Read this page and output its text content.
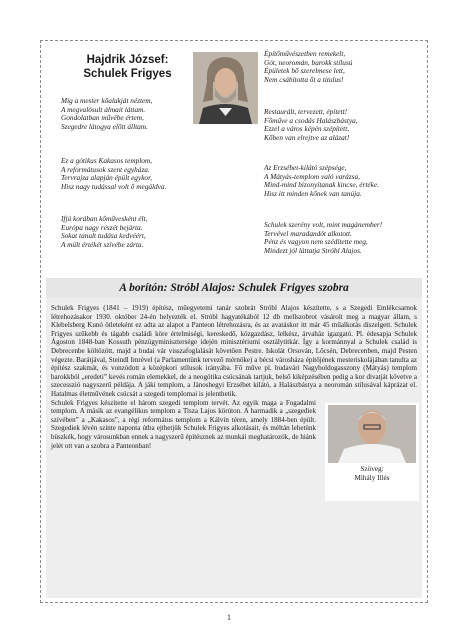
Hajdrik József:
Schulek Frigyes
Míg a mester kőalakját néztem,
A megvalósult álmait láttam.
Gondolatban művébe értem,
Szegedre látogya előtt álltam.
Ez a gótikus Kakasos templom,
A reformátusok szent egyháza.
Tervrajza alapján épült egykor,
Hisz nagy tudással volt ő megáldva.
Ifjú korában kőművesként élt,
Európa nagy részét bejárta.
Sokat tanult tudása kedvéért,
A múlt értékét szívébe zárta.
Építőművészetben remekelt,
Gót, neoromán, barokk stílusú
Épületek bő szerelmese lett,
Nem csábította őt a titulus!
Restaurált, tervezett, épített!
Főműve a csodás Halászbástya,
Ezzel a város képén szépített,
Kőben van elrejtve az alázat!
Az Erzsébet-kilátó szépsége,
A Mátyás-templom való varázsa,
Mind-mind bizonyítanak kincse, értéke.
Hisz itt minden kőnek van tanúja.
Schulek szerény volt, mint magánember!
Tervével maradandót alkotott.
Pénz és vagyon nem szédítette meg,
Mindezt jól láttatja Stróbl Alajos.
A borítón: Stróbl Alajos: Schulek Frigyes szobra

Schulek Frigyes (1841 – 1919) építész, műegyetemi tanár szobrát Stróbl Alajos készítette, s a Szegedi Emlékcsarnok létrehozásakor 1930. október 24-én helyezték el. Stróbl hagyatékából 12 db mellszobrot vásárolt meg a magyar állam, s Klebelsberg Kunó ötleteként ez adta az alapot a Panteon létrehozásra, és az avatáskor itt már 45 műalkotás díszelgett. Schulek Frigyes szűkebb és tágabb családi köre értelmiségi, kereskedő, közgazdász, lelkész, árvaház igazgató. Pl. édesapja Schulek Ágoston 1848-ban Kossuth pénzügyminisztersége idején minisztériumi osztálytitkár. Így a kormánnyal a Schulek család is Debrecenbe költözött, majd a budai vár visszafoglalását követően Pestre. Iskolát Orsován, Lőcsén, Debrecenben, majd Pesten végezte. Barátjával, Steindl Imrével (a Parlamentünk tervező mérnöke) a bécsi városháza építőjének mesteriskolájában tanulta az építész szakmát, és vonzódott a középkori stílusok irányába. Fő műve pl. budavári Nagyboldogasszony (Mátyás) templom barokkból „eredeti” kevés román elemekkel, de a neogótika csúcsának tartjuk, belső kiképzésében pedig a kor divatját követve a szecesszió nagyszerű példája. A jáki templom, a Jánoshegyi Erzsébet kilátó, a Halászbástya a neoromán stílusával káprázat el. Hatalmas életművének csúcsát a szegedi templomai is jelenthetik.

Schulek Frigyes készítette el három szegedi templom tervét. Az egyik maga a Fogadalmi templom. A másik az evangélikus templom a Tisza Lajos körúton. A harmadik a „szegediek szívében” a „Kakasos”, a régi református templom a Kálvin téren, amely 1884-ben épült. Szegediek lévén szinte naponta útba ejthetjük Schulek Frigyes alkotásait, és méltán lehetünk büszkék, hogy városunkban ennek a nagyszerű építésznek az munkái meghatározók, de hiánk jelét ott van a szobra a Panteonban!

Szöveg:
Mihály Illés
1
